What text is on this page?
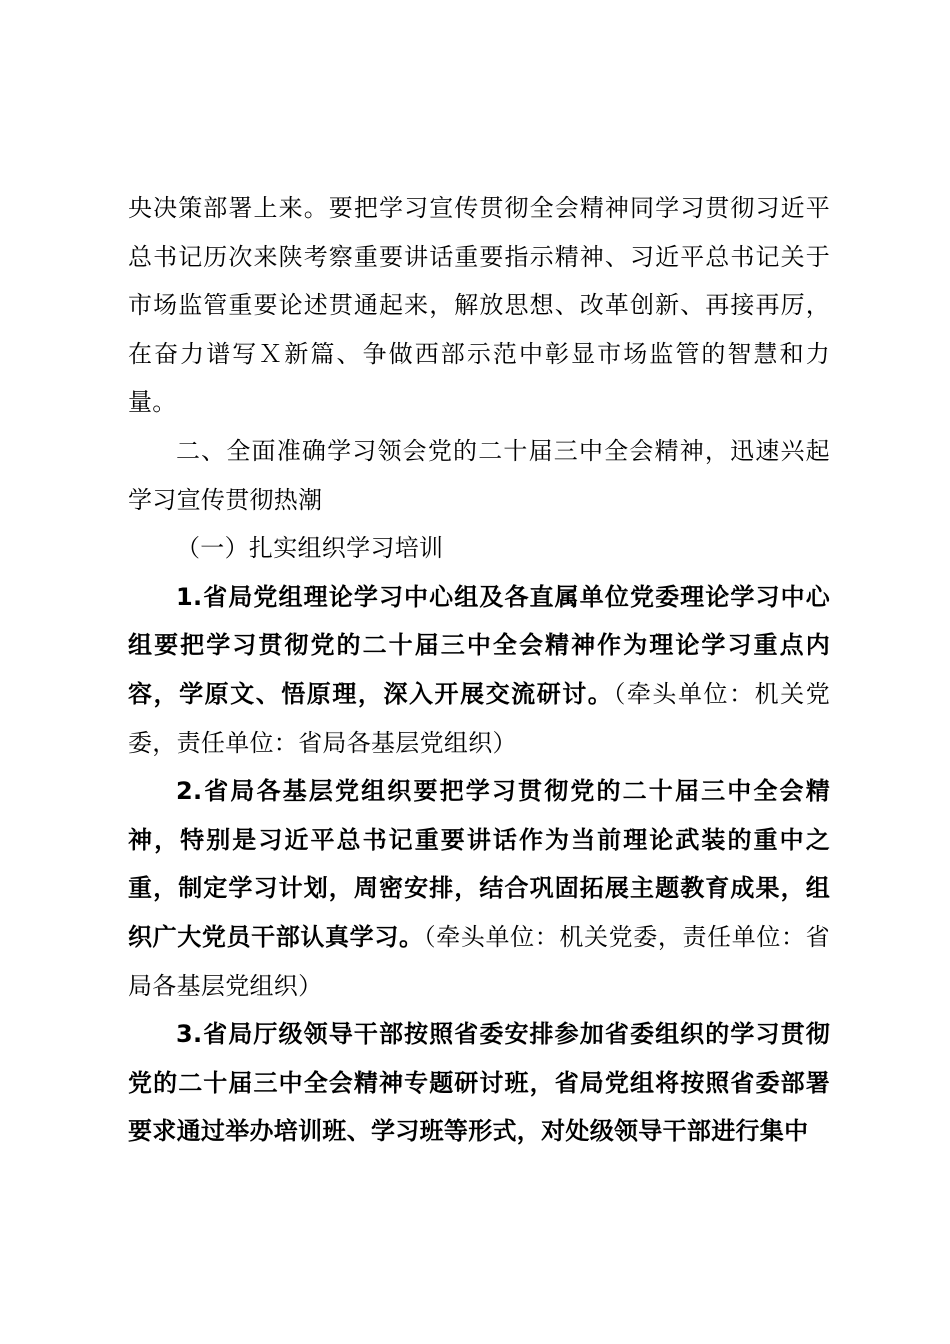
央决策部署上来。要把学习宣传贯彻全会精神同学习贯彻习近平总书记历次来陕考察重要讲话重要指示精神、习近平总书记关于市场监管重要论述贯通起来，解放思想、改革创新、再接再厉，在奋力谱写Ｘ新篇、争做西部示范中彰显市场监管的智慧和力量。

二、全面准确学习领会党的二十届三中全会精神，迅速兴起学习宣传贯彻热潮

（一）扎实组织学习培训

1.省局党组理论学习中心组及各直属单位党委理论学习中心组要把学习贯彻党的二十届三中全会精神作为理论学习重点内容，学原文、悟原理，深入开展交流研讨。（牵头单位：机关党委，责任单位：省局各基层党组织）

2.省局各基层党组织要把学习贯彻党的二十届三中全会精神，特别是习近平总书记重要讲话作为当前理论武装的重中之重，制定学习计划，周密安排，结合巩固拓展主题教育成果，组织广大党员干部认真学习。（牵头单位：机关党委，责任单位：省局各基层党组织）

3.省局厅级领导干部按照省委安排参加省委组织的学习贯彻党的二十届三中全会精神专题研讨班，省局党组将按照省委部署要求通过举办培训班、学习班等形式，对处级领导干部进行集中
